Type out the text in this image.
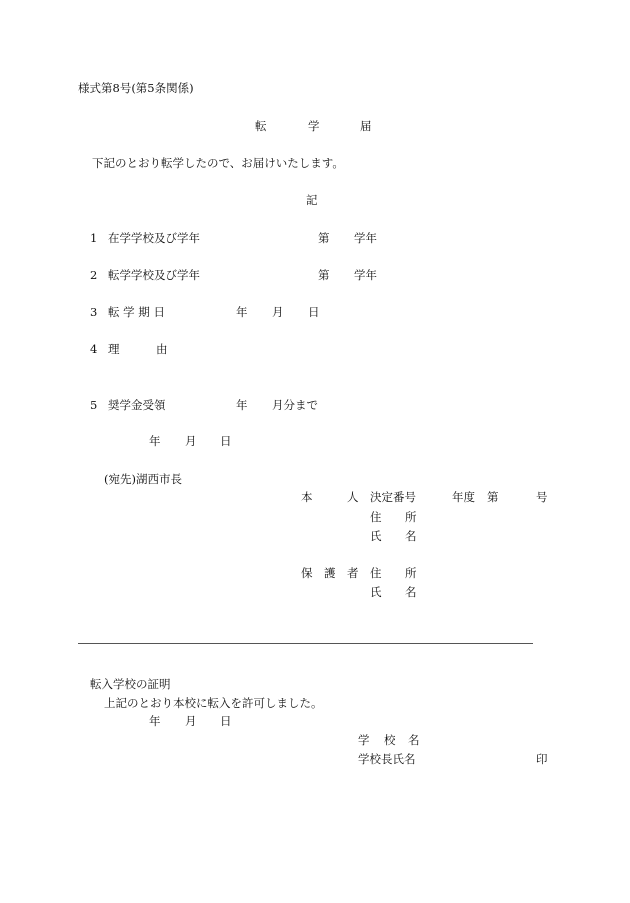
様式第8号(第5条関係)
転	学	届
下記のとおり転学したので、お届けいたします。
記
1 在学学校及び学年	第 学年
2 転学学校及び学年	第 学年
3 転 学 期 日	年 月 日
4 理	由
5 奨学金受領	年 月分まで
年 月 日
(宛先)湖西市長
本	人 決定番号	年度 第	号
住 所
氏 名
保 護 者 住 所
氏 名
転入学校の証明
上記のとおり本校に転入を許可しました。
年 月 日
学 校 名
学校長氏名	印
